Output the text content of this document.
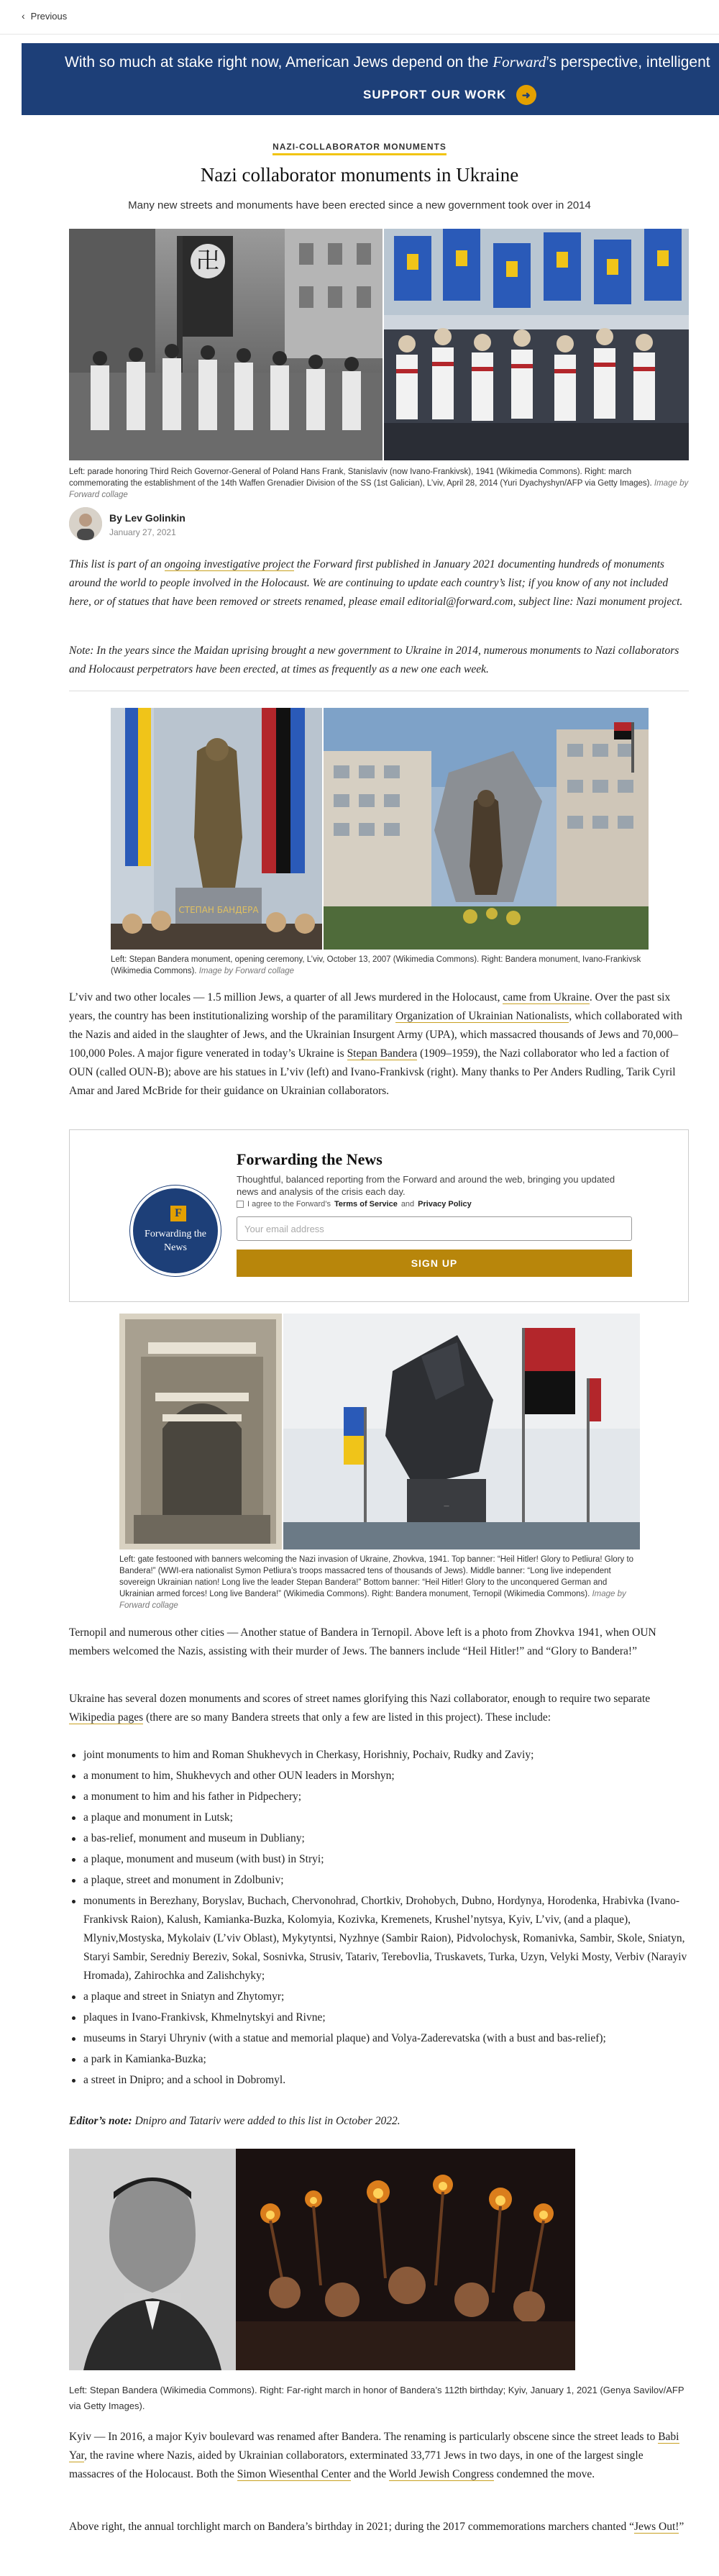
‹ Previous
With so much at stake right now, American Jews depend on the Forward’s perspective, intelligent
SUPPORT OUR WORK	➜
NAZI-COLLABORATOR MONUMENTS
Nazi collaborator monuments in Ukraine
Many new streets and monuments have been erected since a new government took over in 2014
卍
Left: parade honoring Third Reich Governor-General of Poland Hans Frank, Stanislaviv (now Ivano-Frankivsk), 1941 (Wikimedia Commons). Right: march commemorating the establishment of the 14th Waffen Grenadier Division of the SS (1st Galician), L’viv, April 28, 2014 (Yuri Dyachyshyn/AFP via Getty Images). Image by Forward collage
By Lev Golinkin
January 27, 2021
This list is part of an ongoing investigative project the Forward first published in January 2021 documenting hundreds of monuments around the world to people involved in the Holocaust. We are continuing to update each country’s list; if you know of any not included here, or of statues that have been removed or streets renamed, please email editorial@forward.com, subject line: Nazi monument project.
Note: In the years since the Maidan uprising brought a new government to Ukraine in 2014, numerous monuments to Nazi collaborators and Holocaust perpetrators have been erected, at times as frequently as a new one each week.
СТЕПАН БАНДЕРА
Left: Stepan Bandera monument, opening ceremony, L’viv, October 13, 2007 (Wikimedia Commons). Right: Bandera monument, Ivano-Frankivsk (Wikimedia Commons). Image by Forward collage
L’viv and two other locales — 1.5 million Jews, a quarter of all Jews murdered in the Holocaust, came from Ukraine. Over the past six years, the country has been institutionalizing worship of the paramilitary Organization of Ukrainian Nationalists, which collaborated with the Nazis and aided in the slaughter of Jews, and the Ukrainian Insurgent Army (UPA), which massacred thousands of Jews and 70,000–100,000 Poles. A major figure venerated in today’s Ukraine is Stepan Bandera (1909–1959), the Nazi collaborator who led a faction of OUN (called OUN-B); above are his statues in L’viv (left) and Ivano-Frankivsk (right). Many thanks to Per Anders Rudling, Tarik Cyril Amar and Jared McBride for their guidance on Ukrainian collaborators.
F
Forwarding the News
Forwarding the News
Thoughtful, balanced reporting from the Forward and around the web, bringing you updated news and analysis of the crisis each day.
I agree to the Forward’s Terms of Service and Privacy Policy
Your email address
SIGN UP
—
Left: gate festooned with banners welcoming the Nazi invasion of Ukraine, Zhovkva, 1941. Top banner: “Heil Hitler! Glory to Petliura! Glory to Bandera!” (WWI-era nationalist Symon Petliura’s troops massacred tens of thousands of Jews). Middle banner: “Long live independent sovereign Ukrainian nation! Long live the leader Stepan Bandera!” Bottom banner: “Heil Hitler! Glory to the unconquered German and Ukrainian armed forces! Long live Bandera!” (Wikimedia Commons). Right: Bandera monument, Ternopil (Wikimedia Commons). Image by Forward collage
Ternopil and numerous other cities — Another statue of Bandera in Ternopil. Above left is a photo from Zhovkva 1941, when OUN members welcomed the Nazis, assisting with their murder of Jews. The banners include “Heil Hitler!” and “Glory to Bandera!”
Ukraine has several dozen monuments and scores of street names glorifying this Nazi collaborator, enough to require two separate Wikipedia pages (there are so many Bandera streets that only a few are listed in this project). These include:
joint monuments to him and Roman Shukhevych in Cherkasy, Horishniy, Pochaiv, Rudky and Zaviy;
a monument to him, Shukhevych and other OUN leaders in Morshyn;
a monument to him and his father in Pidpechery;
a plaque and monument in Lutsk;
a bas-relief, monument and museum in Dubliany;
a plaque, monument and museum (with bust) in Stryi;
a plaque, street and monument in Zdolbuniv;
monuments in Berezhany, Boryslav, Buchach, Chervonohrad, Chortkiv, Drohobych, Dubno, Hordynya, Horodenka, Hrabivka (Ivano-Frankivsk Raion), Kalush, Kamianka-Buzka, Kolomyia, Kozivka, Kremenets, Krushel’nytsya, Kyiv, L’viv, (and a plaque), Mlyniv,Mostyska, Mykolaiv (L’viv Oblast), Mykytyntsi, Nyzhnye (Sambir Raion), Pidvolochysk, Romanivka, Sambir, Skole, Sniatyn, Staryi Sambir, Seredniy Berezіv, Sokal, Sosnivka, Strusiv, Tatariv, Terebovlia, Truskavets, Turka, Uzyn, Velyki Mosty, Verbiv (Narayiv Hromada), Zahirochka and Zalishchyky;
a plaque and street in Sniatyn and Zhytomyr;
plaques in Ivano-Frankivsk, Khmelnytskyi and Rivne;
museums in Staryi Uhryniv (with a statue and memorial plaque) and Volya-Zaderevatska (with a bust and bas-relief);
a park in Kamianka-Buzka;
a street in Dnipro; and a school in Dobromyl.
Editor’s note: Dnipro and Tatariv were added to this list in October 2022.
Left: Stepan Bandera (Wikimedia Commons). Right: Far-right march in honor of Bandera’s 112th birthday; Kyiv, January 1, 2021 (Genya Savilov/AFP via Getty Images).
Kyiv — In 2016, a major Kyiv boulevard was renamed after Bandera. The renaming is particularly obscene since the street leads to Babi Yar, the ravine where Nazis, aided by Ukrainian collaborators, exterminated 33,771 Jews in two days, in one of the largest single massacres of the Holocaust. Both the Simon Wiesenthal Center and the World Jewish Congress condemned the move.
Above right, the annual torchlight march on Bandera’s birthday in 2021; during the 2017 commemorations marchers chanted “Jews Out!”
